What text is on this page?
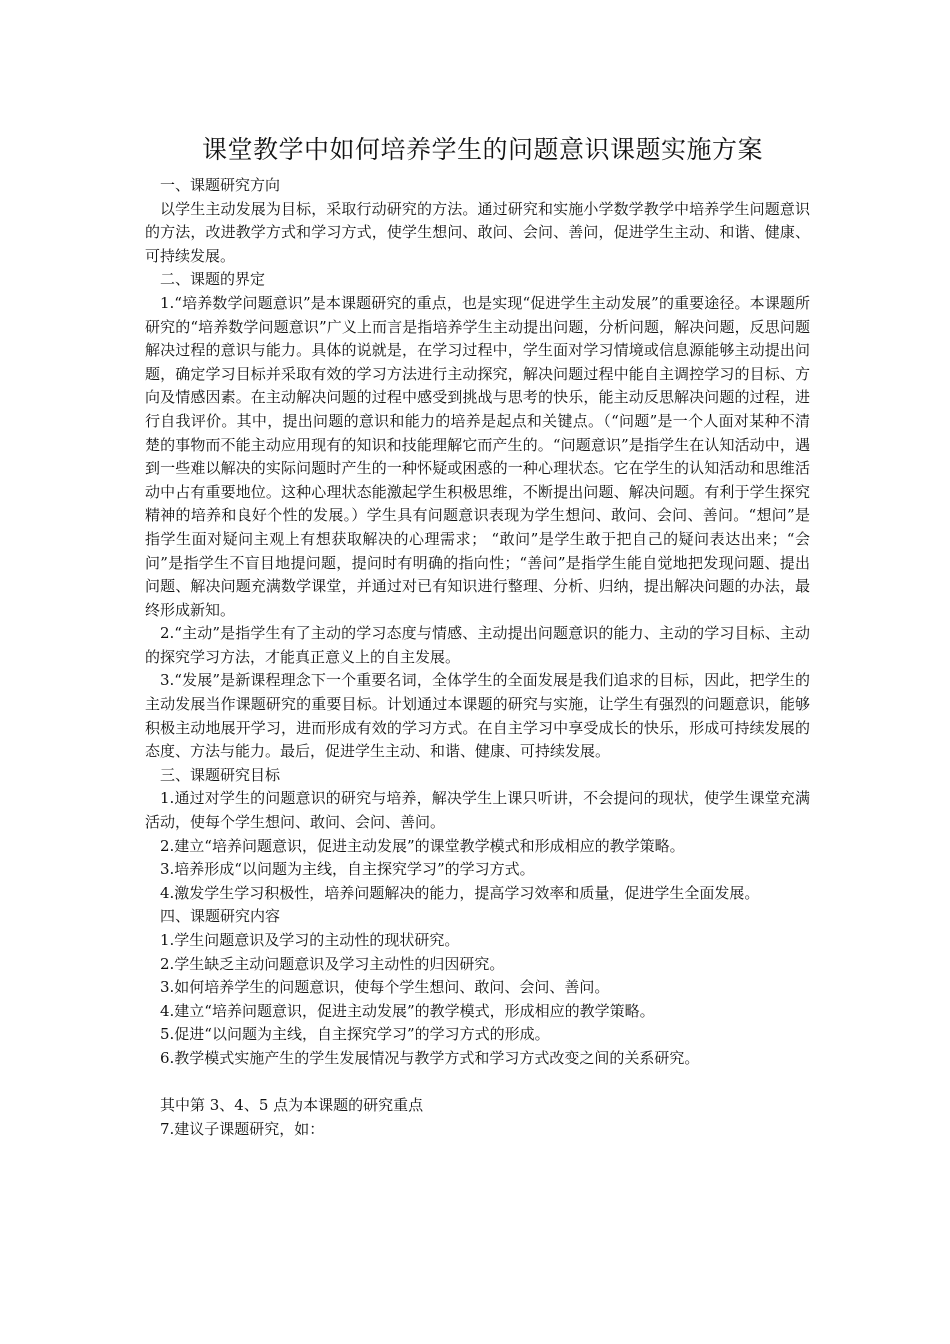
课堂教学中如何培养学生的问题意识课题实施方案

一、课题研究方向

以学生主动发展为目标，采取行动研究的方法。通过研究和实施小学数学教学中培养学生问题意识的方法，改进教学方式和学习方式，使学生想问、敢问、会问、善问，促进学生主动、和谐、健康、可持续发展。

二、课题的界定

1.“培养数学问题意识”是本课题研究的重点，也是实现“促进学生主动发展”的重要途径。本课题所研究的“培养数学问题意识”广义上而言是指培养学生主动提出问题，分析问题，解决问题，反思问题解决过程的意识与能力。具体的说就是，在学习过程中，学生面对学习情境或信息源能够主动提出问题，确定学习目标并采取有效的学习方法进行主动探究，解决问题过程中能自主调控学习的目标、方向及情感因素。在主动解决问题的过程中感受到挑战与思考的快乐，能主动反思解决问题的过程，进行自我评价。其中，提出问题的意识和能力的培养是起点和关键点。（“问题”是一个人面对某种不清楚的事物而不能主动应用现有的知识和技能理解它而产生的。“问题意识”是指学生在认知活动中，遇到一些难以解决的实际问题时产生的一种怀疑或困惑的一种心理状态。它在学生的认知活动和思维活动中占有重要地位。这种心理状态能激起学生积极思维，不断提出问题、解决问题。有利于学生探究精神的培养和良好个性的发展。）学生具有问题意识表现为学生想问、敢问、会问、善问。“想问”是指学生面对疑问主观上有想获取解决的心理需求； “敢问”是学生敢于把自己的疑问表达出来；“会问”是指学生不盲目地提问题，提问时有明确的指向性；“善问”是指学生能自觉地把发现问题、提出问题、解决问题充满数学课堂，并通过对已有知识进行整理、分析、归纳，提出解决问题的办法，最终形成新知。

2.“主动”是指学生有了主动的学习态度与情感、主动提出问题意识的能力、主动的学习目标、主动的探究学习方法，才能真正意义上的自主发展。

3.“发展”是新课程理念下一个重要名词，全体学生的全面发展是我们追求的目标，因此，把学生的主动发展当作课题研究的重要目标。计划通过本课题的研究与实施，让学生有强烈的问题意识，能够积极主动地展开学习，进而形成有效的学习方式。在自主学习中享受成长的快乐，形成可持续发展的态度、方法与能力。最后，促进学生主动、和谐、健康、可持续发展。

三、课题研究目标

1.通过对学生的问题意识的研究与培养，解决学生上课只听讲，不会提问的现状，使学生课堂充满活动，使每个学生想问、敢问、会问、善问。

2.建立“培养问题意识，促进主动发展”的课堂教学模式和形成相应的教学策略。

3.培养形成“以问题为主线，自主探究学习”的学习方式。

4.激发学生学习积极性，培养问题解决的能力，提高学习效率和质量，促进学生全面发展。

四、课题研究内容

1.学生问题意识及学习的主动性的现状研究。

2.学生缺乏主动问题意识及学习主动性的归因研究。

3.如何培养学生的问题意识，使每个学生想问、敢问、会问、善问。

4.建立“培养问题意识，促进主动发展”的教学模式，形成相应的教学策略。

5.促进“以问题为主线，自主探究学习”的学习方式的形成。

6.教学模式实施产生的学生发展情况与教学方式和学习方式改变之间的关系研究。

其中第 3、4、5 点为本课题的研究重点

7.建议子课题研究，如：
